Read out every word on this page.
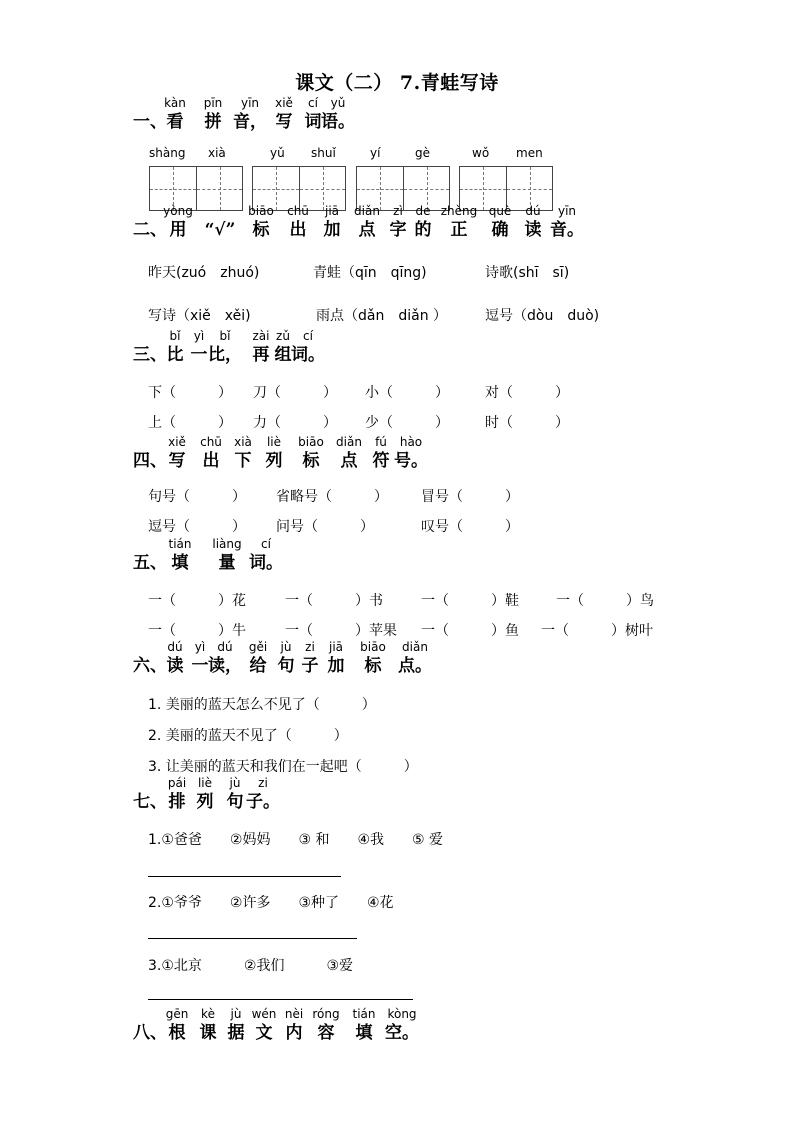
课文（二） 7.青蛙写诗
一、
kàn
看
pīn
拼
yīn
音，
xiě
写
cí
词
yǔ
语。
shàng xià	yǔ shuǐ	yí	gè	wǒ men
二、
yòng
用 “√”
biāo
标
chū
出
jiā
加
diǎn
点
zì
字
de
的
zhèng
正
què
确
dú
读
yīn
音。
昨天(zuó　zhuó)	青蛙（qīn　qīng)	诗歌(shī　sī)
写诗（xiě　xěi)	雨点（dǎn　diǎn ）	逗号（dòu　duò)
三、
bǐ
比
yì
一
bǐ
比，
zài
再
zǔ
组
cí
词。
下（　　　） 刀（　　　） 小（　　　）	对（　　　）
上（　　　） 力（　　　） 少（　　　）	时（　　　）
四、
xiě
写
chū
出
xià
下
liè
列
biāo
标
diǎn
点
fú
符
hào
号。
句号（　　　） 省略号（　　　） 冒号（　　　）
逗号（　　　） 问号（　　　）	叹号（　　　）
五、
tián
填
liàng
量
cí
词。
一（　　　）花	一（　　　）书	一（　　　）鞋	一（　　　）鸟
一（　　　）牛	一（　　　）苹果 一（　　　）鱼 一（　　　）树叶
六、
dú
读
yì
一
dú
读，
gěi
给
jù
句
zi
子
jiā
加
biāo
标
diǎn
点。
1. 美丽的蓝天怎么不见了（　　　）
2. 美丽的蓝天不见了（　　　）
3. 让美丽的蓝天和我们在一起吧（　　　）
七、
pái
排
liè
列
jù
句
zi
子。
1.①爸爸　　②妈妈　　③ 和　　④我　　⑤ 爱
2.①爷爷　　②许多　　③种了　　④花
3.①北京　　　②我们　　　③爱
八、
gēn
根
kè
课
jù
据
wén
文
nèi
内
róng
容
tián
填
kòng
空。
